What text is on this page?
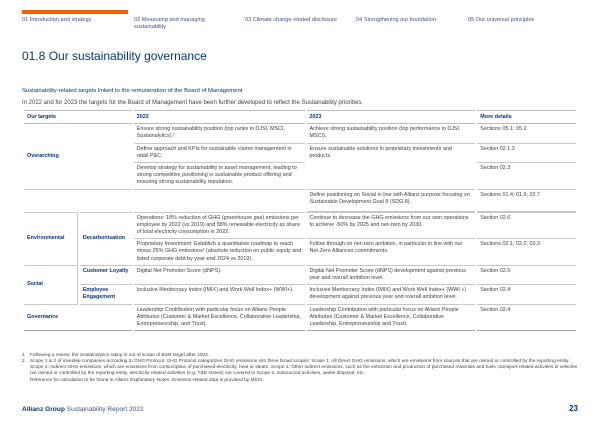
01 Introduction and strategy	02 Measuring and managing sustainability
03 Climate change related disclosure	04 Strengthening our foundation	05 Our universal principles
01.8 Our sustainability governance
Sustainability-related targets linked to the remuneration of the Board of Management

In 2022 and for 2023 the targets for the Board of Management have been further developed to reflect the Sustainability priorities.

Our targets		2022	2023	More details
Overarching		Ensure strong sustainability position (top ranks in DJSI, MSCI, Sustainalytics).¹	Achieve strong sustainability position (top performance in DJSI, MSCI).	Sections 05.1; 05.2
		Define approach and KPIs for sustainable claims management in retail P&C.	Ensure sustainable solutions in proprietary investments and products.	Section 02.1.3
		Develop strategy for sustainability in asset management, leading to strong competitive positioning in sustainable product offering and ensuring strong sustainability reputation.		Section 02.3
			Define positioning on Social in line with Allianz purpose focusing on Sustainable Development Goal 8 (SDG 8).	Sections 01.4; 01.6; 02.7
Environmental	Decarbonisation	Operations: 18% reduction of GHG (greenhouse gas) emissions per employee by 2022 (vs 2019) and 88% renewable electricity as share of total electricity consumption in 2022.	Continue to decrease the GHG emissions from our own operations to achieve -50% by 2025 and net-zero by 2030.	Section 02.6
		Proprietary Investment: Establish a quantitative roadmap to reach minus 25% GHG emissions² (absolute reduction on public equity and listed corporate debt by year-end 2024 vs 2019).	Follow through on net-zero ambition, in particular in line with our Net-Zero Alliances commitments.	Sections 02.1; 02.2; 03.3
Social	Customer Loyalty	Digital Net Promoter Score (dNPS).	Digital Net Promoter Score (dNPS) development against previous year and overall ambition level.	Section 02.5
	Employee Engagement	Inclusive Meritocracy Index (IMIX) and Work Well Index+ (WWI+).	Inclusive Meritocracy Index (IMIX) and Work Well Index+ (WWI +) development against previous year and overall ambition level.	Section 02.4
Governance		Leadership Contribution with particular focus on Allianz People Attributes (Customer & Market Excellence, Collaborative Leadership, Entrepreneurship, and Trust).	Leadership Contribution with particular focus on Allianz People Attributes (Customer & Market Excellence, Collaborative Leadership, Entrepreneurship and Trust).	Section 02.4
1	Following a review, the Sustainalytics rating is out of scope of BoM target after 2022.
2	Scope 1 & 2 of investee companies according to GHG Protocol. GHG Protocol categorizes GHG emissions into three broad scopes: Scope 1: All Direct GHG emissions, which are emissions from sources that are owned or controlled by the reporting entity. Scope 2: Indirect GHG emissions, which are emissions from consumption of purchased electricity, heat or steam. Scope 3: Other indirect emissions, such as the extraction and production of purchased materials and fuels, transport-related activities in vehicles not owned or controlled by the reporting entity, electricity related activities (e.g. T&D losses) not covered in Scope 2, outsourced activities, waste disposal, etc.
Reference for calculation to be found in Allianz Explanatory Notes. Emission-related data is provided by MSCI.
Allianz Group Sustainability Report 2022	23
